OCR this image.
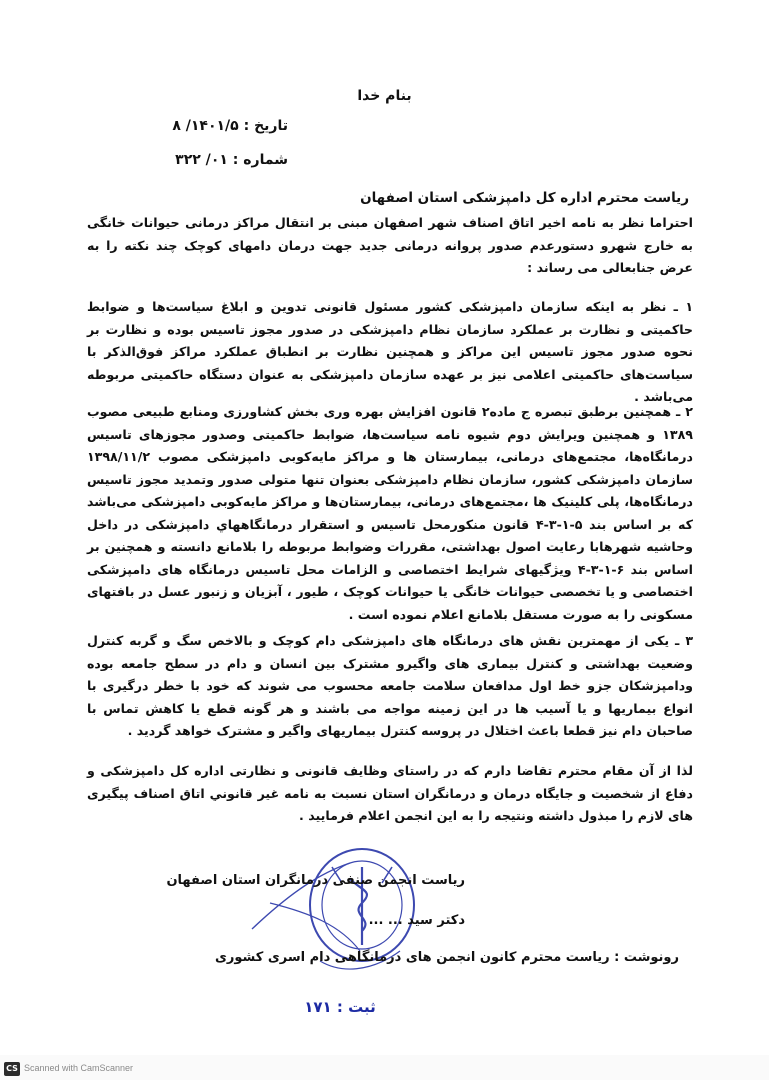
بنام خدا
تاریخ : ۱۴۰۱/۵/ ۸
شماره : ۰۱/ ۳۲۲
ریاست محترم اداره کل دامپزشکی استان اصفهان
احتراما نظر به نامه اخیر اتاق اصناف شهر اصفهان مبنی بر انتقال مراکز درمانی حیوانات خانگی به خارج شهرو دستورعدم صدور پروانه درمانی جدید جهت درمان دامهای کوچک چند نکته را به عرض جنابعالی می رساند :
۱ ـ نظر به اینکه سازمان دامپزشکی کشور مسئول قانونی تدوین و ابلاغ سیاست‌ها و ضوابط حاکمیتی و نظارت بر عملکرد سازمان نظام دامپزشکی در صدور مجوز تاسیس بوده و نظارت بر نحوه صدور مجوز تاسیس این مراکز و همچنین نظارت بر انطباق عملکرد مراکز فوق‌الذکر با سیاست‌های حاکمیتی اعلامی نیز بر عهده سازمان دامپزشکی به عنوان دستگاه حاکمیتی مربوطه می‌باشد .
۲ ـ همچنین برطبق تبصره ج ماده۲ قانون افزایش بهره وری بخش کشاورزی ومنابع طبیعی مصوب ۱۳۸۹ و همچنین ویرایش دوم شیوه نامه سیاست‌ها، ضوابط حاکمیتی وصدور مجوزهای تاسیس درمانگاه‌ها، مجتمع‌های درمانی، بیمارستان ها و مراکز مایه‌کوبی دامپزشکی مصوب ۱۳۹۸/۱۱/۲ سازمان دامپزشکی کشور، سازمان نظام دامپزشکی بعنوان تنها متولی صدور وتمدید مجوز تاسیس درمانگاه‌ها، پلی کلینیک ها ،مجتمع‌های درمانی، بیمارستان‌ها و مراکز مایه‌کوبی دامپزشکی می‌باشد که بر اساس بند ۵-۱-۳-۴ قانون منکورمحل تاسیس و استقرار درمانگاههاي دامپزشکی در داخل وحاشیه شهرهابا رعایت اصول بهداشتی، مقررات وضوابط مربوطه را بلامانع دانسته و همچنین بر اساس بند ۶-۱-۳-۴ ویژگیهای شرایط اختصاصی و الزامات محل تاسیس درمانگاه های دامپزشکی اختصاصی و یا تخصصی حیوانات خانگی یا حیوانات کوچک ، طیور ، آبزیان و زنبور عسل در بافتهای مسکونی را به صورت مستقل بلامانع اعلام نموده است .
۳ ـ یکی از مهمترین نقش های درمانگاه های دامپزشکی دام کوچک و بالاخص سگ و گربه کنترل وضعیت بهداشتی و کنترل بیماری های واگیرو مشترک بین انسان و دام در سطح جامعه بوده ودامپزشکان جزو خط اول مدافعان سلامت جامعه محسوب می شوند که خود با خطر درگیری با انواع بیماریها و یا آسیب ها در این زمینه مواجه می باشند و هر گونه قطع یا کاهش تماس با صاحبان دام نیز قطعا باعث اختلال در پروسه کنترل بیماریهای واگیر و مشترک خواهد گردید .
لذا از آن مقام محترم تقاضا دارم که در راستای وظایف قانونی و نظارتی اداره کل دامپزشکی و دفاع از شخصیت و جایگاه درمان و درمانگران استان نسبت به نامه غیر قانوني اتاق اصناف پیگیری های لازم را مبذول داشته ونتیجه را به این انجمن اعلام فرمایید .
ریاست انجمن صنفی درمانگران استان اصفهان
دکتر سید ... ...
رونوشت : ریاست محترم کانون انجمن های درمانگاهی دام اسری کشوری
ثبت : ۱۷۱
CS Scanned with CamScanner
